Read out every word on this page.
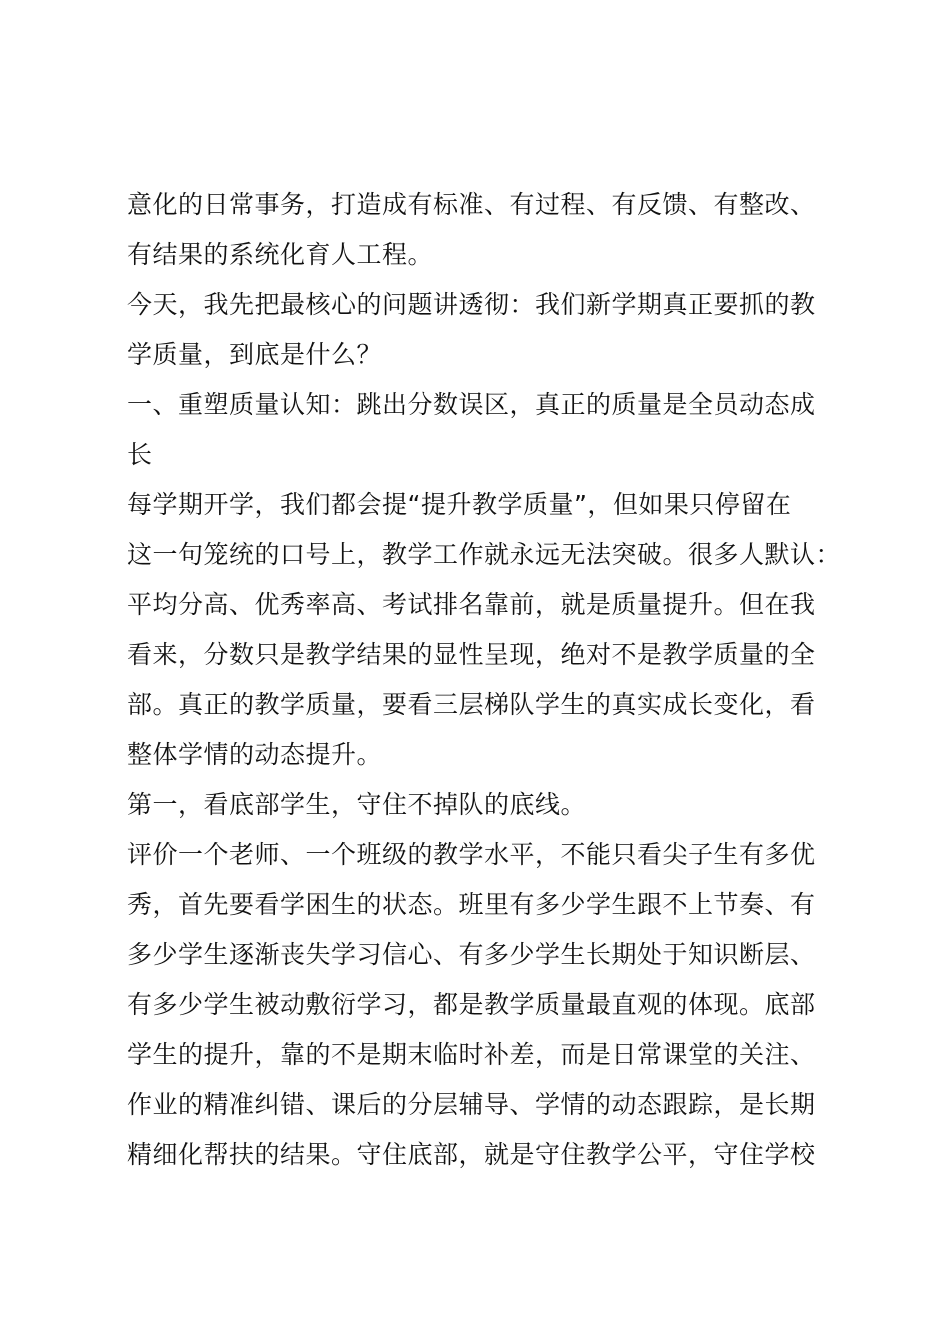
意化的日常事务，打造成有标准、有过程、有反馈、有整改、
有结果的系统化育人工程。
今天，我先把最核心的问题讲透彻：我们新学期真正要抓的教
学质量，到底是什么？
一、重塑质量认知：跳出分数误区，真正的质量是全员动态成
长
每学期开学，我们都会提“提升教学质量”，但如果只停留在
这一句笼统的口号上，教学工作就永远无法突破。很多人默认：
平均分高、优秀率高、考试排名靠前，就是质量提升。但在我
看来，分数只是教学结果的显性呈现，绝对不是教学质量的全
部。真正的教学质量，要看三层梯队学生的真实成长变化，看
整体学情的动态提升。
第一，看底部学生，守住不掉队的底线。
评价一个老师、一个班级的教学水平，不能只看尖子生有多优
秀，首先要看学困生的状态。班里有多少学生跟不上节奏、有
多少学生逐渐丧失学习信心、有多少学生长期处于知识断层、
有多少学生被动敷衍学习，都是教学质量最直观的体现。底部
学生的提升，靠的不是期末临时补差，而是日常课堂的关注、
作业的精准纠错、课后的分层辅导、学情的动态跟踪，是长期
精细化帮扶的结果。守住底部，就是守住教学公平，守住学校
